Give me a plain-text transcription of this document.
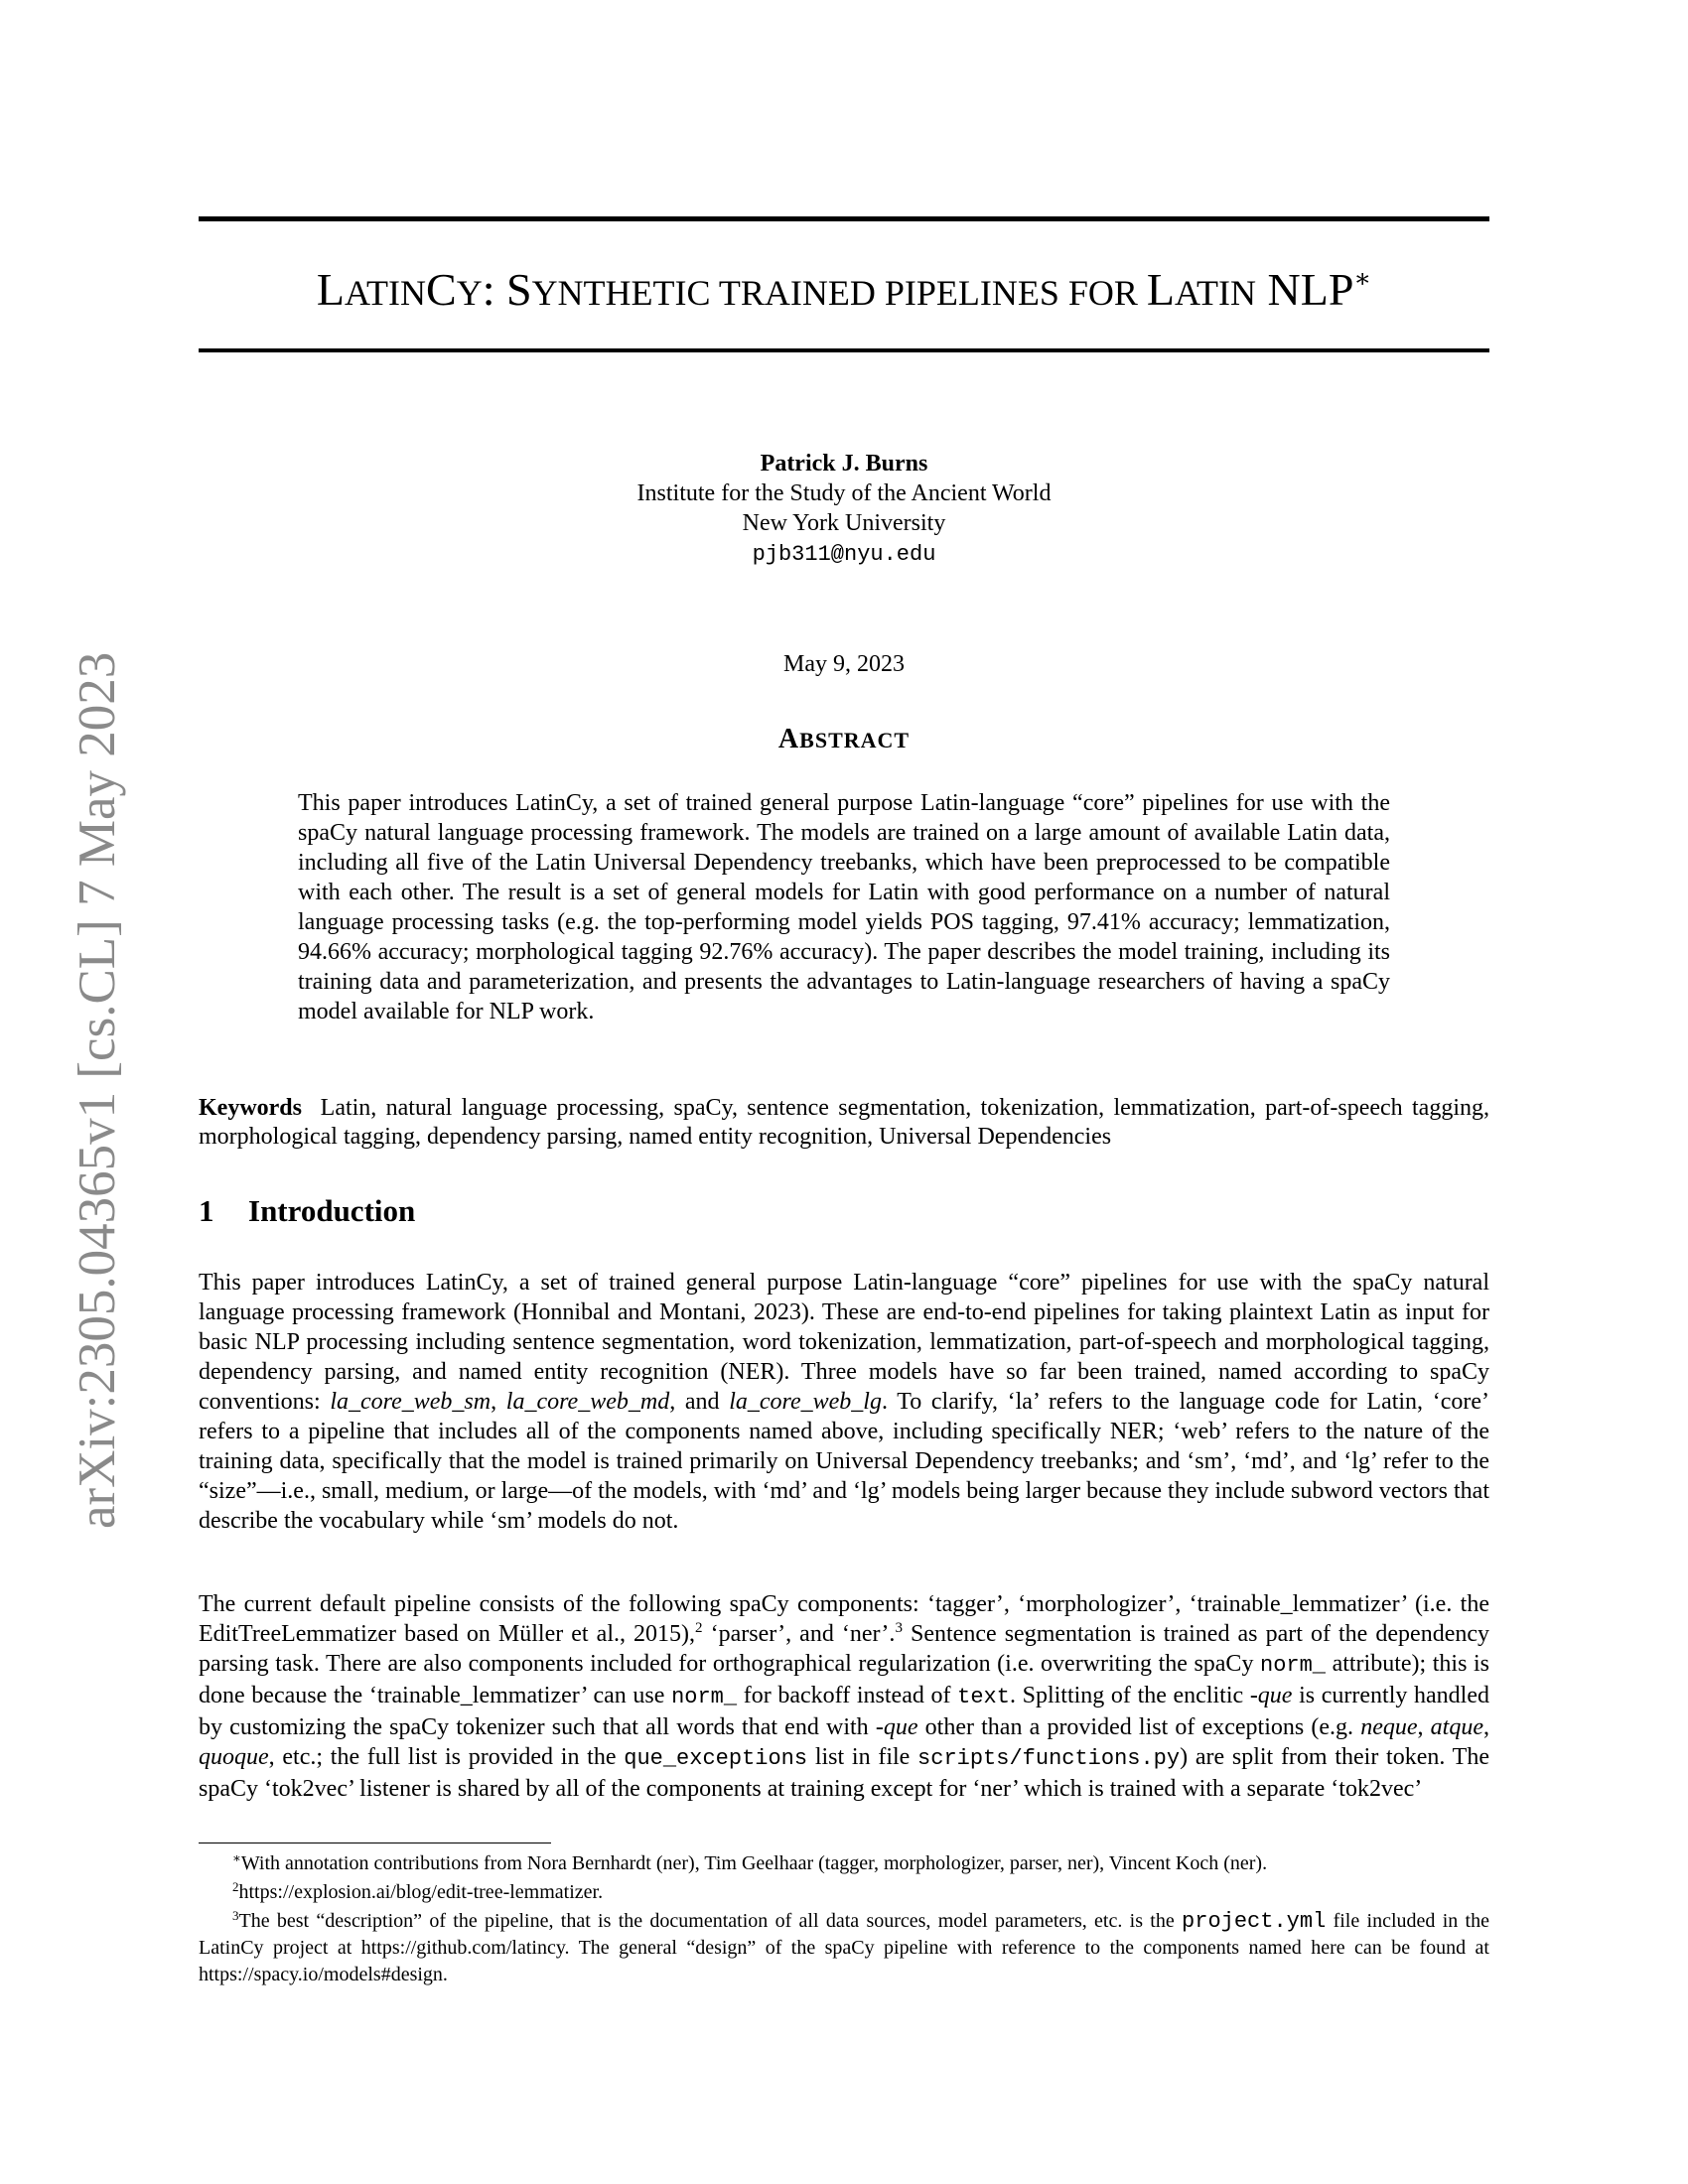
arXiv:2305.04365v1 [cs.CL] 7 May 2023
LATINCY: SYNTHETIC TRAINED PIPELINES FOR LATIN NLP∗
Patrick J. Burns
Institute for the Study of the Ancient World
New York University
pjb311@nyu.edu
May 9, 2023
ABSTRACT
This paper introduces LatinCy, a set of trained general purpose Latin-language “core” pipelines for use with the spaCy natural language processing framework. The models are trained on a large amount of available Latin data, including all five of the Latin Universal Dependency treebanks, which have been preprocessed to be compatible with each other. The result is a set of general models for Latin with good performance on a number of natural language processing tasks (e.g. the top-performing model yields POS tagging, 97.41% accuracy; lemmatization, 94.66% accuracy; morphological tagging 92.76% accuracy). The paper describes the model training, including its training data and parameterization, and presents the advantages to Latin-language researchers of having a spaCy model available for NLP work.
Keywords Latin, natural language processing, spaCy, sentence segmentation, tokenization, lemmatization, part-of-speech tagging, morphological tagging, dependency parsing, named entity recognition, Universal Dependencies
1 Introduction
This paper introduces LatinCy, a set of trained general purpose Latin-language “core” pipelines for use with the spaCy natural language processing framework (Honnibal and Montani, 2023). These are end-to-end pipelines for taking plaintext Latin as input for basic NLP processing including sentence segmentation, word tokenization, lemmatization, part-of-speech and morphological tagging, dependency parsing, and named entity recognition (NER). Three models have so far been trained, named according to spaCy conventions: la_core_web_sm, la_core_web_md, and la_core_web_lg. To clarify, ‘la’ refers to the language code for Latin, ‘core’ refers to a pipeline that includes all of the components named above, including specifically NER; ‘web’ refers to the nature of the training data, specifically that the model is trained primarily on Universal Dependency treebanks; and ‘sm’, ‘md’, and ‘lg’ refer to the “size”—i.e., small, medium, or large—of the models, with ‘md’ and ‘lg’ models being larger because they include subword vectors that describe the vocabulary while ‘sm’ models do not.
The current default pipeline consists of the following spaCy components: ‘tagger’, ‘morphologizer’, ‘trainable_lemmatizer’ (i.e. the EditTreeLemmatizer based on Müller et al., 2015),$^2$ ‘parser’, and ‘ner’.$^3$ Sentence segmentation is trained as part of the dependency parsing task. There are also components included for orthographical regularization (i.e. overwriting the spaCy norm_ attribute); this is done because the ‘trainable_lemmatizer’ can use norm_ for backoff instead of text. Splitting of the enclitic -que is currently handled by customizing the spaCy tokenizer such that all words that end with -que other than a provided list of exceptions (e.g. neque, atque, quoque, etc.; the full list is provided in the que_exceptions list in file scripts/functions.py) are split from their token. The spaCy ‘tok2vec’ listener is shared by all of the components at training except for ‘ner’ which is trained with a separate ‘tok2vec’
∗With annotation contributions from Nora Bernhardt (ner), Tim Geelhaar (tagger, morphologizer, parser, ner), Vincent Koch (ner).
$^2$https://explosion.ai/blog/edit-tree-lemmatizer.
$^3$The best “description” of the pipeline, that is the documentation of all data sources, model parameters, etc. is the project.yml file included in the LatinCy project at https://github.com/latincy. The general “design” of the spaCy pipeline with reference to the components named here can be found at https://spacy.io/models#design.
